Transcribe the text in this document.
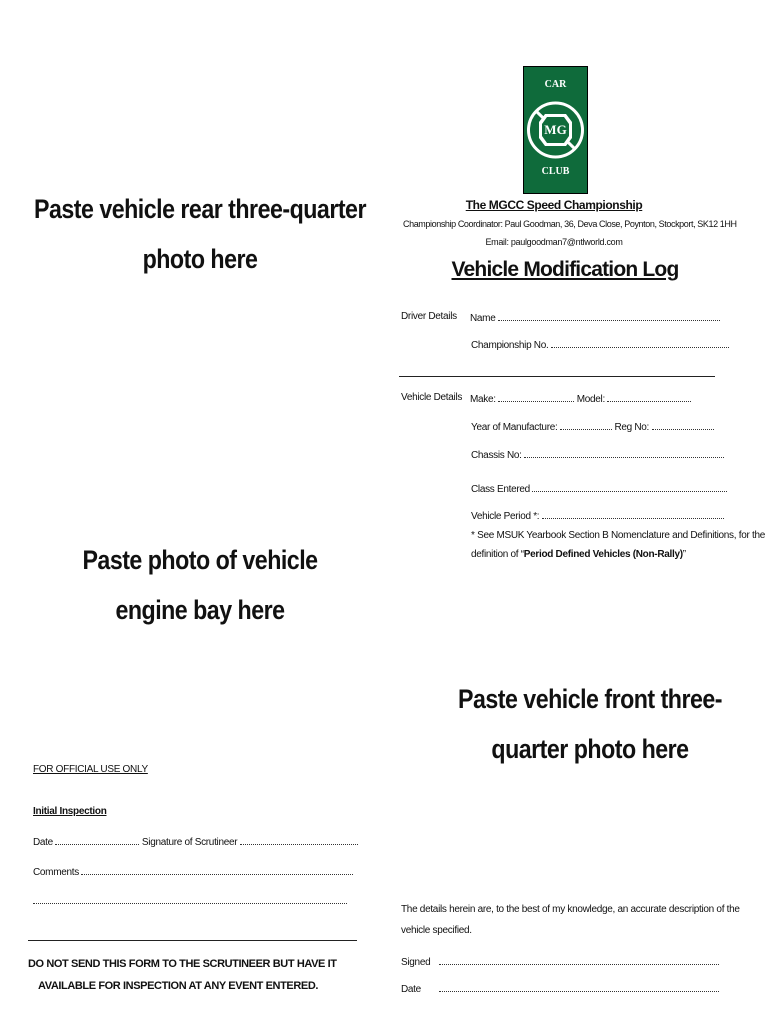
Paste vehicle rear three-quarter
photo here
Paste photo of vehicle
engine bay here
Paste vehicle front three-
quarter photo here
CAR
MG
CLUB
The MGCC Speed Championship
Championship Coordinator: Paul Goodman, 36, Deva Close, Poynton, Stockport, SK12 1HH
Email: paulgoodman7@ntlworld.com
Vehicle Modification Log
Driver Details Name
Championship No.
Vehicle Details Make:	Model:
Year of Manufacture:	Reg No:
Chassis No:
Class Entered
Vehicle Period *:
* See MSUK Yearbook Section B Nomenclature and Definitions, for the
definition of “Period Defined Vehicles (Non-Rally)”
FOR OFFICIAL USE ONLY
Initial Inspection
Date	Signature of Scrutineer
Comments
DO NOT SEND THIS FORM TO THE SCRUTINEER BUT HAVE IT
AVAILABLE FOR INSPECTION AT ANY EVENT ENTERED.
The details herein are, to the best of my knowledge, an accurate description of the
vehicle specified.
Signed
Date
